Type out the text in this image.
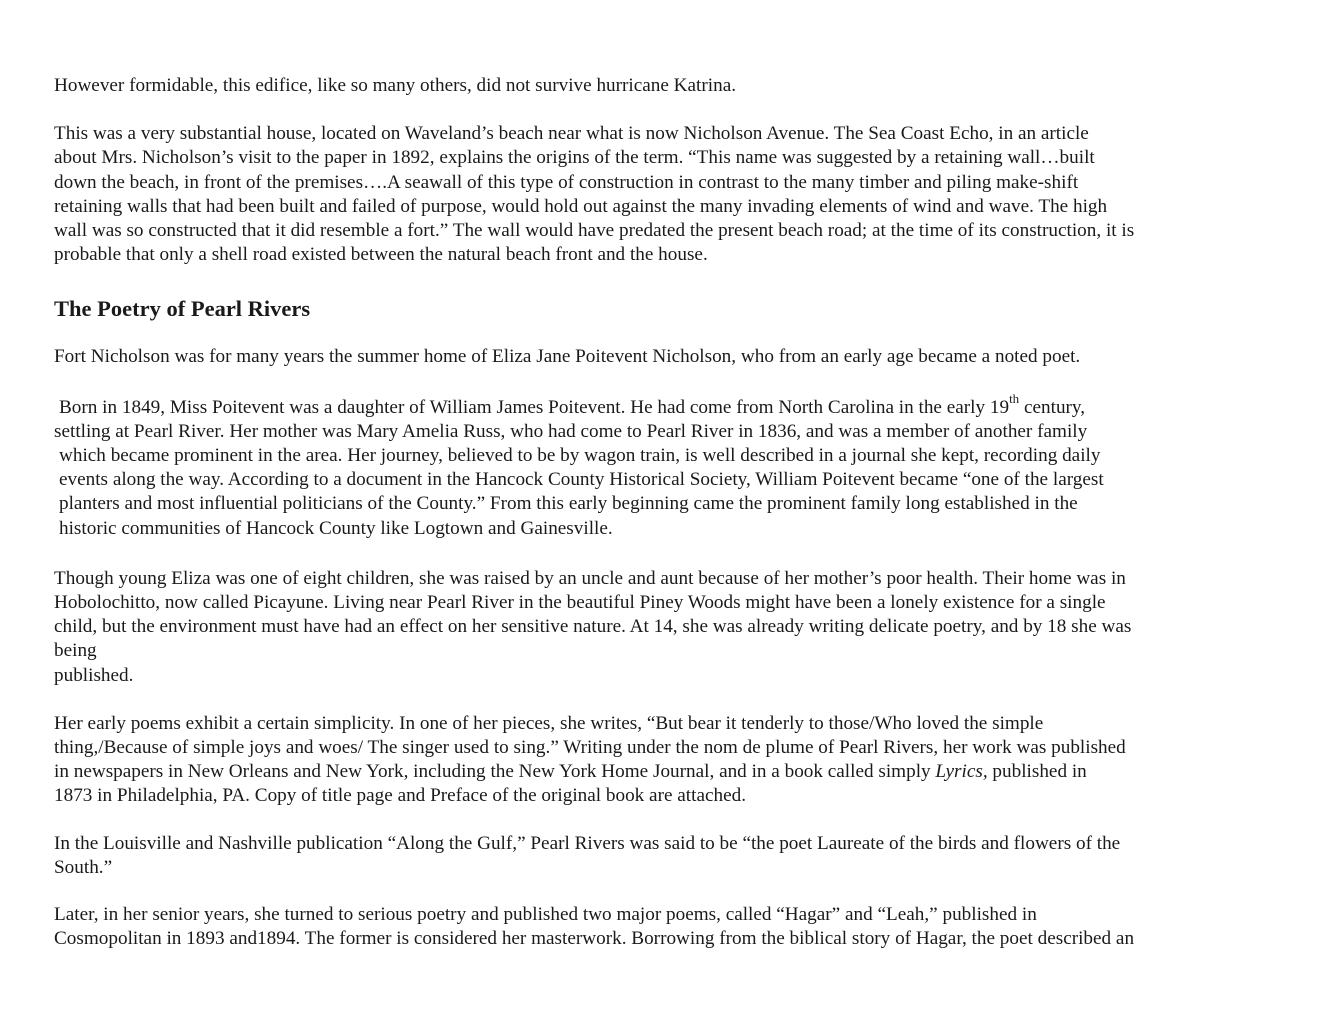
However formidable, this edifice, like so many others, did not survive hurricane Katrina.

This was a very substantial house, located on Waveland’s beach near what is now Nicholson Avenue. The Sea Coast Echo, in an article
about Mrs. Nicholson’s visit to the paper in 1892, explains the origins of the term. “This name was suggested by a retaining wall…built
down the beach, in front of the premises….A seawall of this type of construction in contrast to the many timber and piling make-shift
retaining walls that had been built and failed of purpose, would hold out against the many invading elements of wind and wave. The high
wall was so constructed that it did resemble a fort.” The wall would have predated the present beach road; at the time of its construction, it is
probable that only a shell road existed between the natural beach front and the house.

The Poetry of Pearl Rivers

Fort Nicholson was for many years the summer home of Eliza Jane Poitevent Nicholson, who from an early age became a noted poet.

Born in 1849, Miss Poitevent was a daughter of William James Poitevent. He had come from North Carolina in the early 19th century,
settling at Pearl River. Her mother was Mary Amelia Russ, who had come to Pearl River in 1836, and was a member of another family
which became prominent in the area. Her journey, believed to be by wagon train, is well described in a journal she kept, recording daily
events along the way. According to a document in the Hancock County Historical Society, William Poitevent became “one of the largest
planters and most influential politicians of the County.” From this early beginning came the prominent family long established in the
historic communities of Hancock County like Logtown and Gainesville.

Though young Eliza was one of eight children, she was raised by an uncle and aunt because of her mother’s poor health. Their home was in
Hobolochitto, now called Picayune. Living near Pearl River in the beautiful Piney Woods might have been a lonely existence for a single
child, but the environment must have had an effect on her sensitive nature. At 14, she was already writing delicate poetry, and by 18 she was
being
published.

Her early poems exhibit a certain simplicity. In one of her pieces, she writes, “But bear it tenderly to those/Who loved the simple
thing,/Because of simple joys and woes/ The singer used to sing.” Writing under the nom de plume of Pearl Rivers, her work was published
in newspapers in New Orleans and New York, including the New York Home Journal, and in a book called simply Lyrics, published in
1873 in Philadelphia, PA. Copy of title page and Preface of the original book are attached.

In the Louisville and Nashville publication “Along the Gulf,” Pearl Rivers was said to be “the poet Laureate of the birds and flowers of the
South.”

Later, in her senior years, she turned to serious poetry and published two major poems, called “Hagar” and “Leah,” published in
Cosmopolitan in 1893 and1894. The former is considered her masterwork. Borrowing from the biblical story of Hagar, the poet described an
